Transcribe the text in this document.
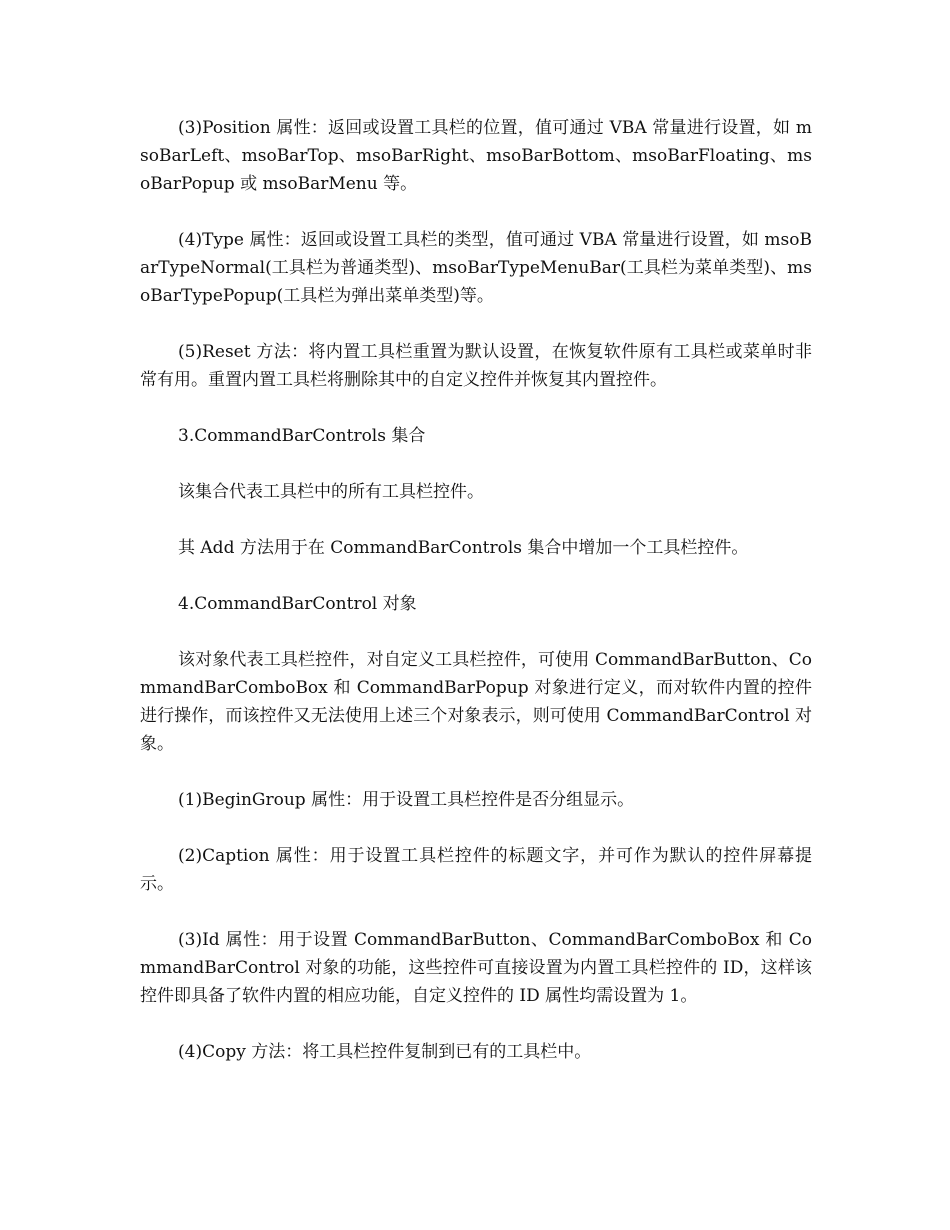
(3)Position 属性：返回或设置工具栏的位置，值可通过 VBA 常量进行设置，如 msoBarLeft、msoBarTop、msoBarRight、msoBarBottom、msoBarFloating、msoBarPopup 或 msoBarMenu 等。

(4)Type 属性：返回或设置工具栏的类型，值可通过 VBA 常量进行设置，如 msoBarTypeNormal(工具栏为普通类型)、msoBarTypeMenuBar(工具栏为菜单类型)、msoBarTypePopup(工具栏为弹出菜单类型)等。

(5)Reset 方法：将内置工具栏重置为默认设置，在恢复软件原有工具栏或菜单时非常有用。重置内置工具栏将删除其中的自定义控件并恢复其内置控件。

3.CommandBarControls 集合

该集合代表工具栏中的所有工具栏控件。

其 Add 方法用于在 CommandBarControls 集合中增加一个工具栏控件。

4.CommandBarControl 对象

该对象代表工具栏控件，对自定义工具栏控件，可使用 CommandBarButton、CommandBarComboBox 和 CommandBarPopup 对象进行定义，而对软件内置的控件进行操作，而该控件又无法使用上述三个对象表示，则可使用 CommandBarControl 对象。

(1)BeginGroup 属性：用于设置工具栏控件是否分组显示。

(2)Caption 属性：用于设置工具栏控件的标题文字，并可作为默认的控件屏幕提示。

(3)Id 属性：用于设置 CommandBarButton、CommandBarComboBox 和 CommandBarControl 对象的功能，这些控件可直接设置为内置工具栏控件的 ID，这样该控件即具备了软件内置的相应功能，自定义控件的 ID 属性均需设置为 1。

(4)Copy 方法：将工具栏控件复制到已有的工具栏中。
